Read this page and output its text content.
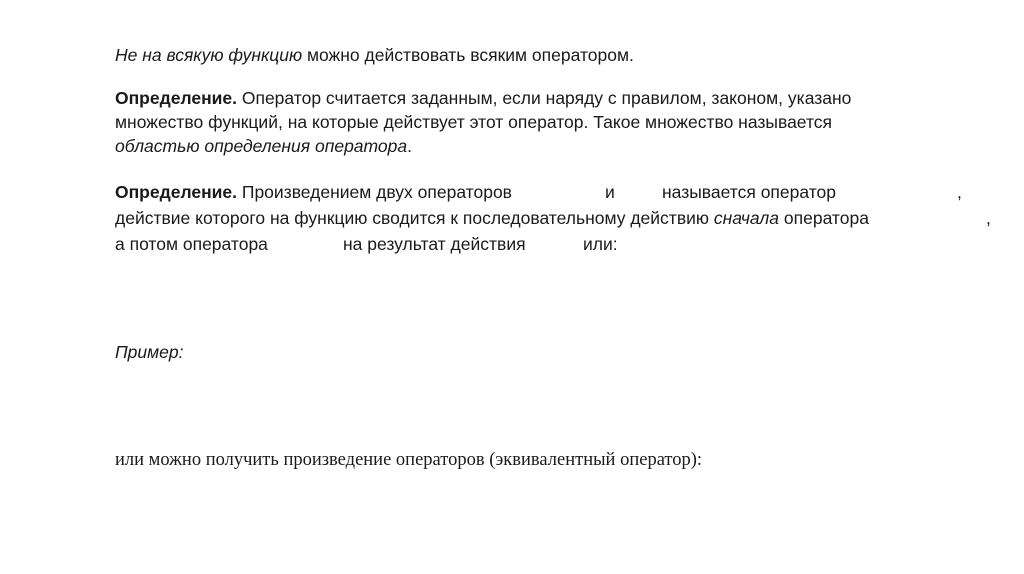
Не на всякую функцию можно действовать всяким оператором.
Определение. Оператор считается заданным, если наряду с правилом, законом, указано
множество функций, на которые действует этот оператор. Такое множество называется
областью определения оператора.
Определение. Произведением двух операторов	и	называется оператор	,
действие которого на функцию сводится к последовательному действию сначала оператора	,
а потом оператора	на результат действия	или:
Пример:
или можно получить произведение операторов (эквивалентный оператор):
